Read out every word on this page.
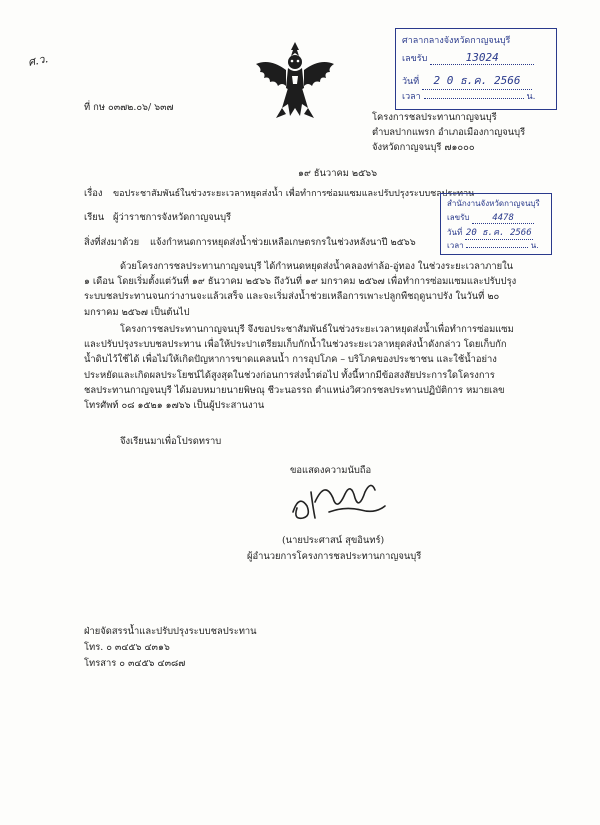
ศ.ว.
ศาลากลางจังหวัดกาญจนบุรี
เลขรับ	13024
วันที่ 2 0 ธ.ค. 2566
เวลา	น.
ที่ กษ ๐๓๗๒.๐๖/ ๖๓๗
โครงการชลประทานกาญจนบุรี
ตำบลปากแพรก อำเภอเมืองกาญจนบุรี
จังหวัดกาญจนบุรี ๗๑๐๐๐
๑๙ ธันวาคม ๒๕๖๖
เรื่อง ขอประชาสัมพันธ์ในช่วงระยะเวลาหยุดส่งน้ำ เพื่อทำการซ่อมแซมและปรับปรุงระบบชลประทาน
สำนักงานจังหวัดกาญจนบุรี
เลขรับ	4478
วันที่ 20 ธ.ค. 2566
เวลา	น.
เรียน ผู้ว่าราชการจังหวัดกาญจนบุรี
สิ่งที่ส่งมาด้วย แจ้งกำหนดการหยุดส่งน้ำช่วยเหลือเกษตรกรในช่วงหลังนาปี ๒๕๖๖
ด้วยโครงการชลประทานกาญจนบุรี ได้กำหนดหยุดส่งน้ำคลองท่าล้อ-อู่ทอง ในช่วงระยะเวลาภายใน ๑ เดือน โดยเริ่มตั้งแต่วันที่ ๑๙ ธันวาคม ๒๕๖๖ ถึงวันที่ ๑๙ มกราคม ๒๕๖๗ เพื่อทำการซ่อมแซมและปรับปรุงระบบชลประทานจนกว่างานจะแล้วเสร็จ และจะเริ่มส่งน้ำช่วยเหลือการเพาะปลูกพืชฤดูนาปรัง ในวันที่ ๒๐ มกราคม ๒๕๖๗ เป็นต้นไป
โครงการชลประทานกาญจนบุรี จึงขอประชาสัมพันธ์ในช่วงระยะเวลาหยุดส่งน้ำเพื่อทำการซ่อมแซมและปรับปรุงระบบชลประทาน เพื่อให้ประปาเตรียมเก็บกักน้ำในช่วงระยะเวลาหยุดส่งน้ำดังกล่าว โดยเก็บกักน้ำดิบไว้ใช้ได้ เพื่อไม่ให้เกิดปัญหาการขาดแคลนน้ำ การอุปโภค – บริโภคของประชาชน และใช้น้ำอย่างประหยัดและเกิดผลประโยชน์ได้สูงสุดในช่วงก่อนการส่งน้ำต่อไป ทั้งนี้หากมีข้อสงสัยประการใดโครงการชลประทานกาญจนบุรี ได้มอบหมายนายพิษณุ ชีวะนอรรถ ตำแหน่งวิศวกรชลประทานปฏิบัติการ หมายเลขโทรศัพท์ ๐๘ ๑๕๒๑ ๑๗๖๖ เป็นผู้ประสานงาน
จึงเรียนมาเพื่อโปรดทราบ
ขอแสดงความนับถือ
(นายประศาสน์ สุขอินทร์)
ผู้อำนวยการโครงการชลประทานกาญจนบุรี
ฝ่ายจัดสรรน้ำและปรับปรุงระบบชลประทาน
โทร. ๐ ๓๔๕๖ ๔๓๑๖
โทรสาร ๐ ๓๔๕๖ ๔๓๘๗
